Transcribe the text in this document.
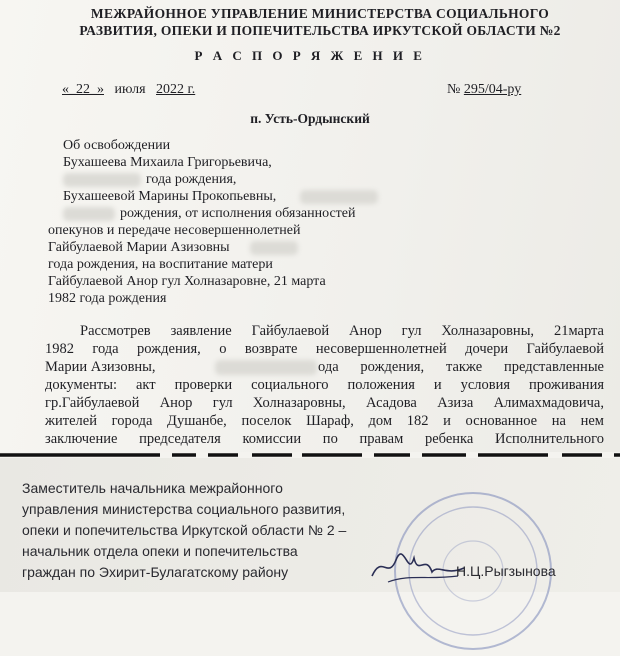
МЕЖРАЙОННОЕ УПРАВЛЕНИЕ МИНИСТЕРСТВА СОЦИАЛЬНОГО
РАЗВИТИЯ, ОПЕКИ И ПОПЕЧИТЕЛЬСТВА ИРКУТСКОЙ ОБЛАСТИ №2
Р А С П О Р Я Ж Е Н И Е
«_22_» июля 2022 г.	№ 295/04-ру
п. Усть-Ордынский
Об освобождении
Бухашеева Михаила Григорьевича,
года рождения,
Бухашеевой Марины Прокопьевны,
рождения, от исполнения обязанностей
опекунов и передаче несовершеннолетней
Гайбулаевой Марии Азизовны
года рождения, на воспитание матери
Гайбулаевой Анор гул Холназаровне, 21 марта
1982 года рождения
Рассмотрев заявление Гайбулаевой Анор гул Холназаровны, 21марта
1982 года рождения, о возврате несовершеннолетней дочери Гайбулаевой
Марии Азизовны,	ода рождения, также представленные
документы: акт проверки социального положения и условия проживания
гр.Гайбулаевой Анор гул Холназаровны, Асадова Азиза Алимахмадовича,
жителей города Душанбе, поселок Шараф, дом 182 и основанное на нем
заключение председателя комиссии по правам ребенка Исполнительного
Заместитель начальника межрайонного
управления министерства социального развития,
опеки и попечительства Иркутской области № 2 –
начальник отдела опеки и попечительства
граждан по Эхирит-Булагатскому району	Н.Ц.Рыгзынова
